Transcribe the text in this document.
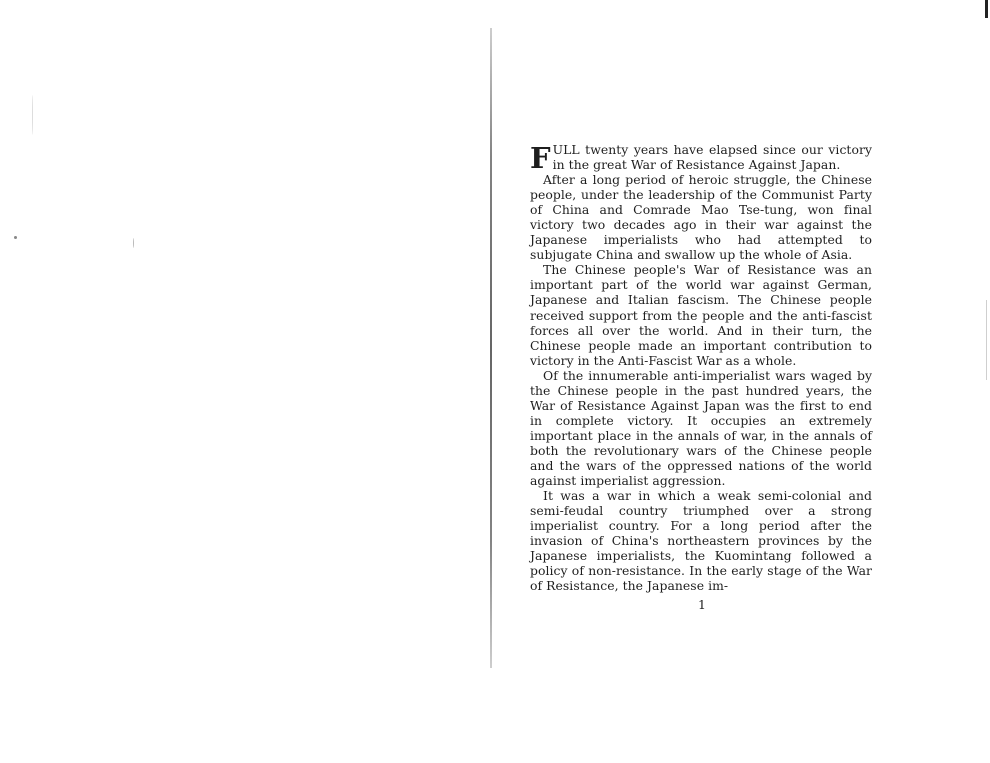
FULL twenty years have elapsed since our victory in the great War of Resistance Against Japan.

After a long period of heroic struggle, the Chinese people, under the leadership of the Communist Party of China and Comrade Mao Tse-tung, won final victory two decades ago in their war against the Japanese imperialists who had attempted to subjugate China and swallow up the whole of Asia.

The Chinese people's War of Resistance was an important part of the world war against German, Japanese and Italian fascism. The Chinese people received support from the people and the anti-fascist forces all over the world. And in their turn, the Chinese people made an important contribution to victory in the Anti-Fascist War as a whole.

Of the innumerable anti-imperialist wars waged by the Chinese people in the past hundred years, the War of Resistance Against Japan was the first to end in complete victory. It occupies an extremely important place in the annals of war, in the annals of both the revolutionary wars of the Chinese people and the wars of the oppressed nations of the world against imperialist aggression.

It was a war in which a weak semi-colonial and semi-feudal country triumphed over a strong imperialist country. For a long period after the invasion of China's northeastern provinces by the Japanese imperialists, the Kuomintang followed a policy of non-resistance. In the early stage of the War of Resistance, the Japanese im-

1
